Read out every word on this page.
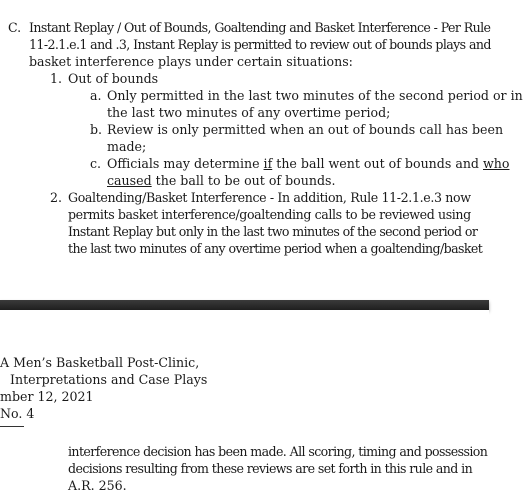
C. Instant Replay / Out of Bounds, Goaltending and Basket Interference - Per Rule
11-2.1.e.1 and .3, Instant Replay is permitted to review out of bounds plays and
basket interference plays under certain situations:
1. Out of bounds
a. Only permitted in the last two minutes of the second period or in
the last two minutes of any overtime period;
b. Review is only permitted when an out of bounds call has been
made;
c. Officials may determine if the ball went out of bounds and who
caused the ball to be out of bounds.
2. Goaltending/Basket Interference - In addition, Rule 11-2.1.e.3 now
permits basket interference/goaltending calls to be reviewed using
Instant Replay but only in the last two minutes of the second period or
the last two minutes of any overtime period when a goaltending/basket
A Men’s Basketball Post-Clinic,
Interpretations and Case Plays
mber 12, 2021
No. 4
interference decision has been made. All scoring, timing and possession
decisions resulting from these reviews are set forth in this rule and in
A.R. 256.
